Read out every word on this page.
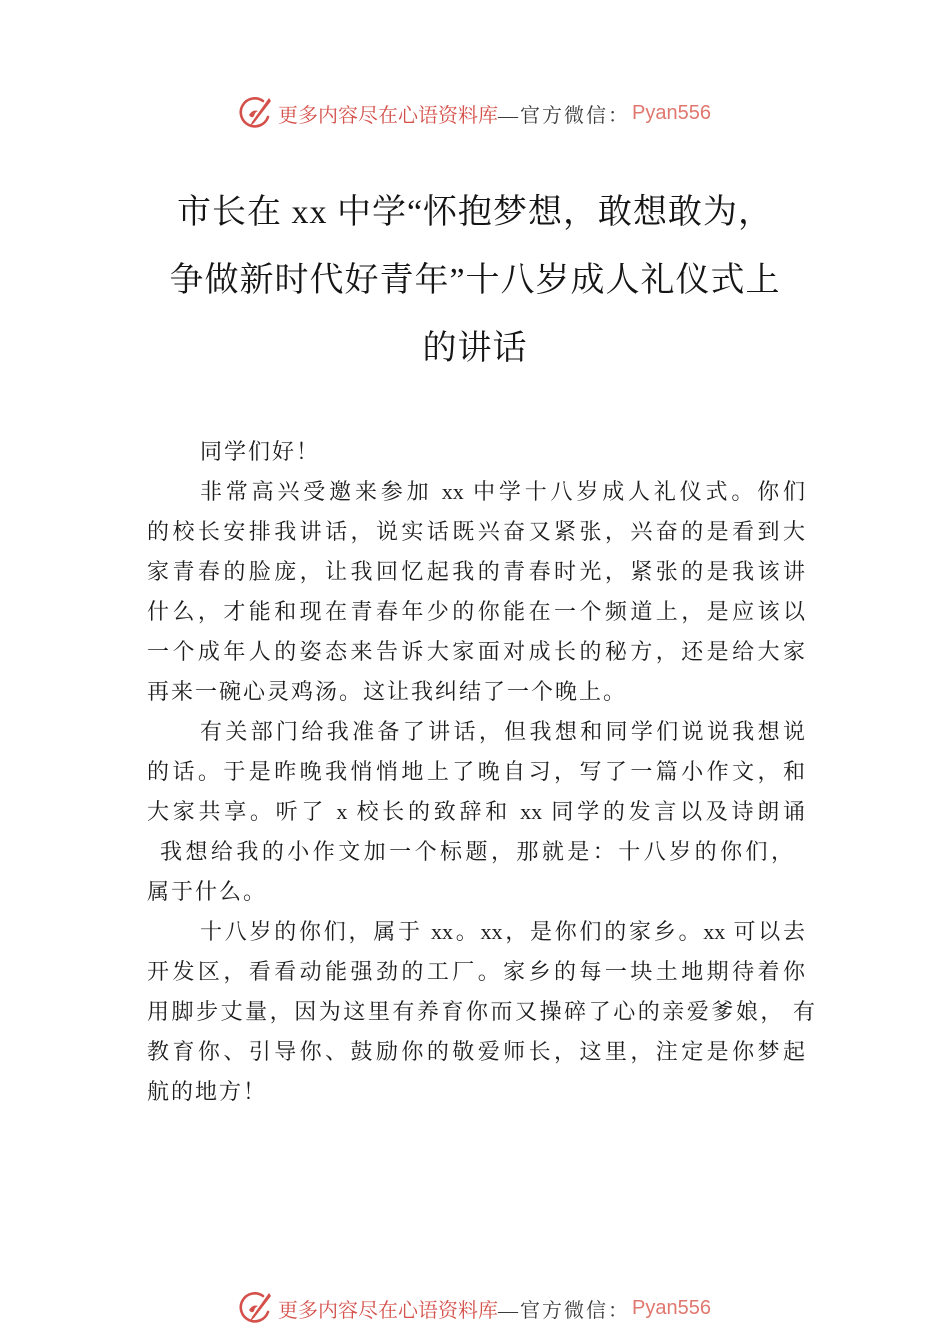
更多内容尽在心语资料库 —官方微信： Pyan556
市长在 xx 中学“怀抱梦想，敢想敢为，
争做新时代好青年”十八岁成人礼仪式上
的讲话
同学们好！
非常高兴受邀来参加 xx 中学十八岁成人礼仪式。你们
的校长安排我讲话，说实话既兴奋又紧张，兴奋的是看到大
家青春的脸庞，让我回忆起我的青春时光，紧张的是我该讲
什么，才能和现在青春年少的你能在一个频道上，是应该以
一个成年人的姿态来告诉大家面对成长的秘方，还是给大家
再来一碗心灵鸡汤。这让我纠结了一个晚上。
有关部门给我准备了讲话，但我想和同学们说说我想说
的话。于是昨晚我悄悄地上了晚自习，写了一篇小作文，和
大家共享。听了 x 校长的致辞和 xx 同学的发言以及诗朗诵
我想给我的小作文加一个标题，那就是：十八岁的你们，
属于什么。
十八岁的你们，属于 xx。xx，是你们的家乡。xx 可以去
开发区，看看动能强劲的工厂。家乡的每一块土地期待着你
用脚步丈量，因为这里有养育你而又操碎了心的亲爱爹娘， 有
教育你、引导你、鼓励你的敬爱师长，这里，注定是你梦起
航的地方！
更多内容尽在心语资料库 —官方微信： Pyan556
